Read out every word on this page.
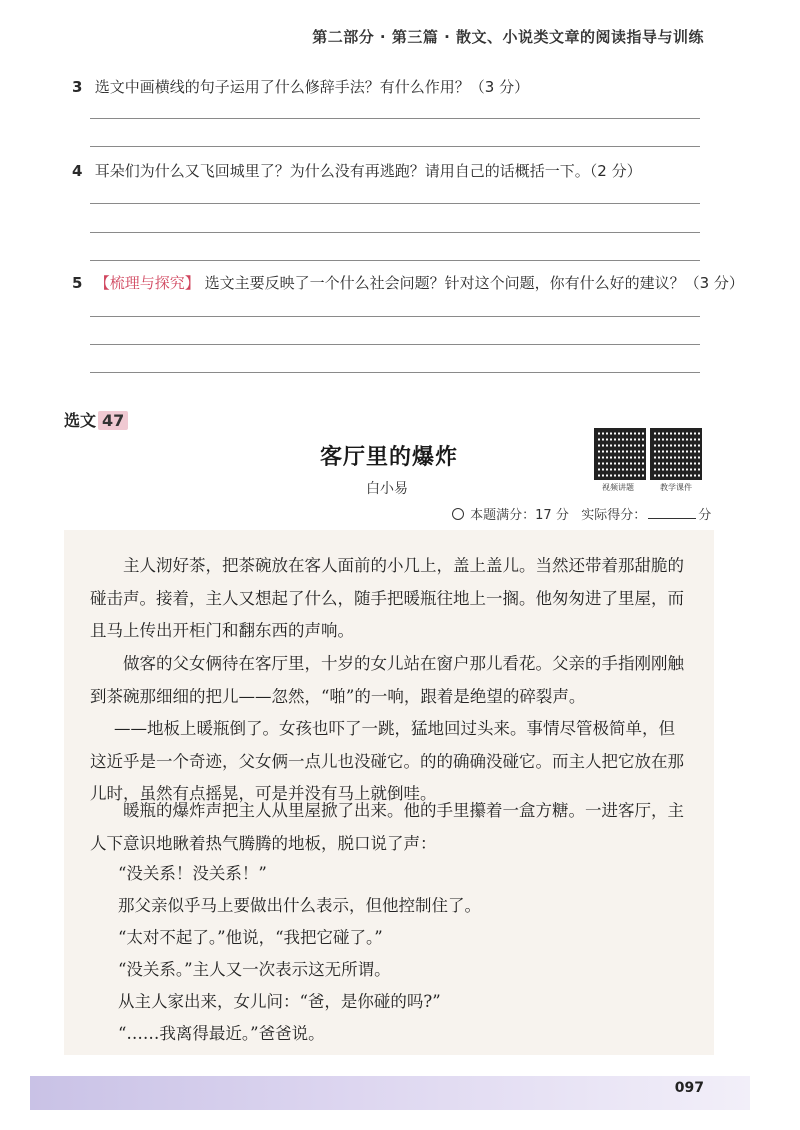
第二部分 · 第三篇 · 散文、小说类文章的阅读指导与训练
3 选文中画横线的句子运用了什么修辞手法？有什么作用？（3 分）
4 耳朵们为什么又飞回城里了？为什么没有再逃跑？请用自己的话概括一下。（2 分）
5 【梳理与探究】 选文主要反映了一个什么社会问题？针对这个问题，你有什么好的建议？（3 分）
选文 47
客厅里的爆炸
白小易	视频讲题	教学课件
本题满分：17 分 实际得分：	分
主人沏好茶，把茶碗放在客人面前的小几上，盖上盖儿。当然还带着那甜脆的碰击声。接着，主人又想起了什么，随手把暖瓶往地上一搁。他匆匆进了里屋，而且马上传出开柜门和翻东西的声响。
做客的父女俩待在客厅里，十岁的女儿站在窗户那儿看花。父亲的手指刚刚触到茶碗那细细的把儿——忽然，“啪”的一响，跟着是绝望的碎裂声。
——地板上暖瓶倒了。女孩也吓了一跳，猛地回过头来。事情尽管极简单，但这近乎是一个奇迹，父女俩一点儿也没碰它。的的确确没碰它。而主人把它放在那儿时，虽然有点摇晃，可是并没有马上就倒哇。
暖瓶的爆炸声把主人从里屋掀了出来。他的手里攥着一盒方糖。一进客厅，主人下意识地瞅着热气腾腾的地板，脱口说了声：
“没关系！没关系！”
那父亲似乎马上要做出什么表示，但他控制住了。
“太对不起了。”他说，“我把它碰了。”
“没关系。”主人又一次表示这无所谓。
从主人家出来，女儿问：“爸，是你碰的吗?”
“……我离得最近。”爸爸说。
097
